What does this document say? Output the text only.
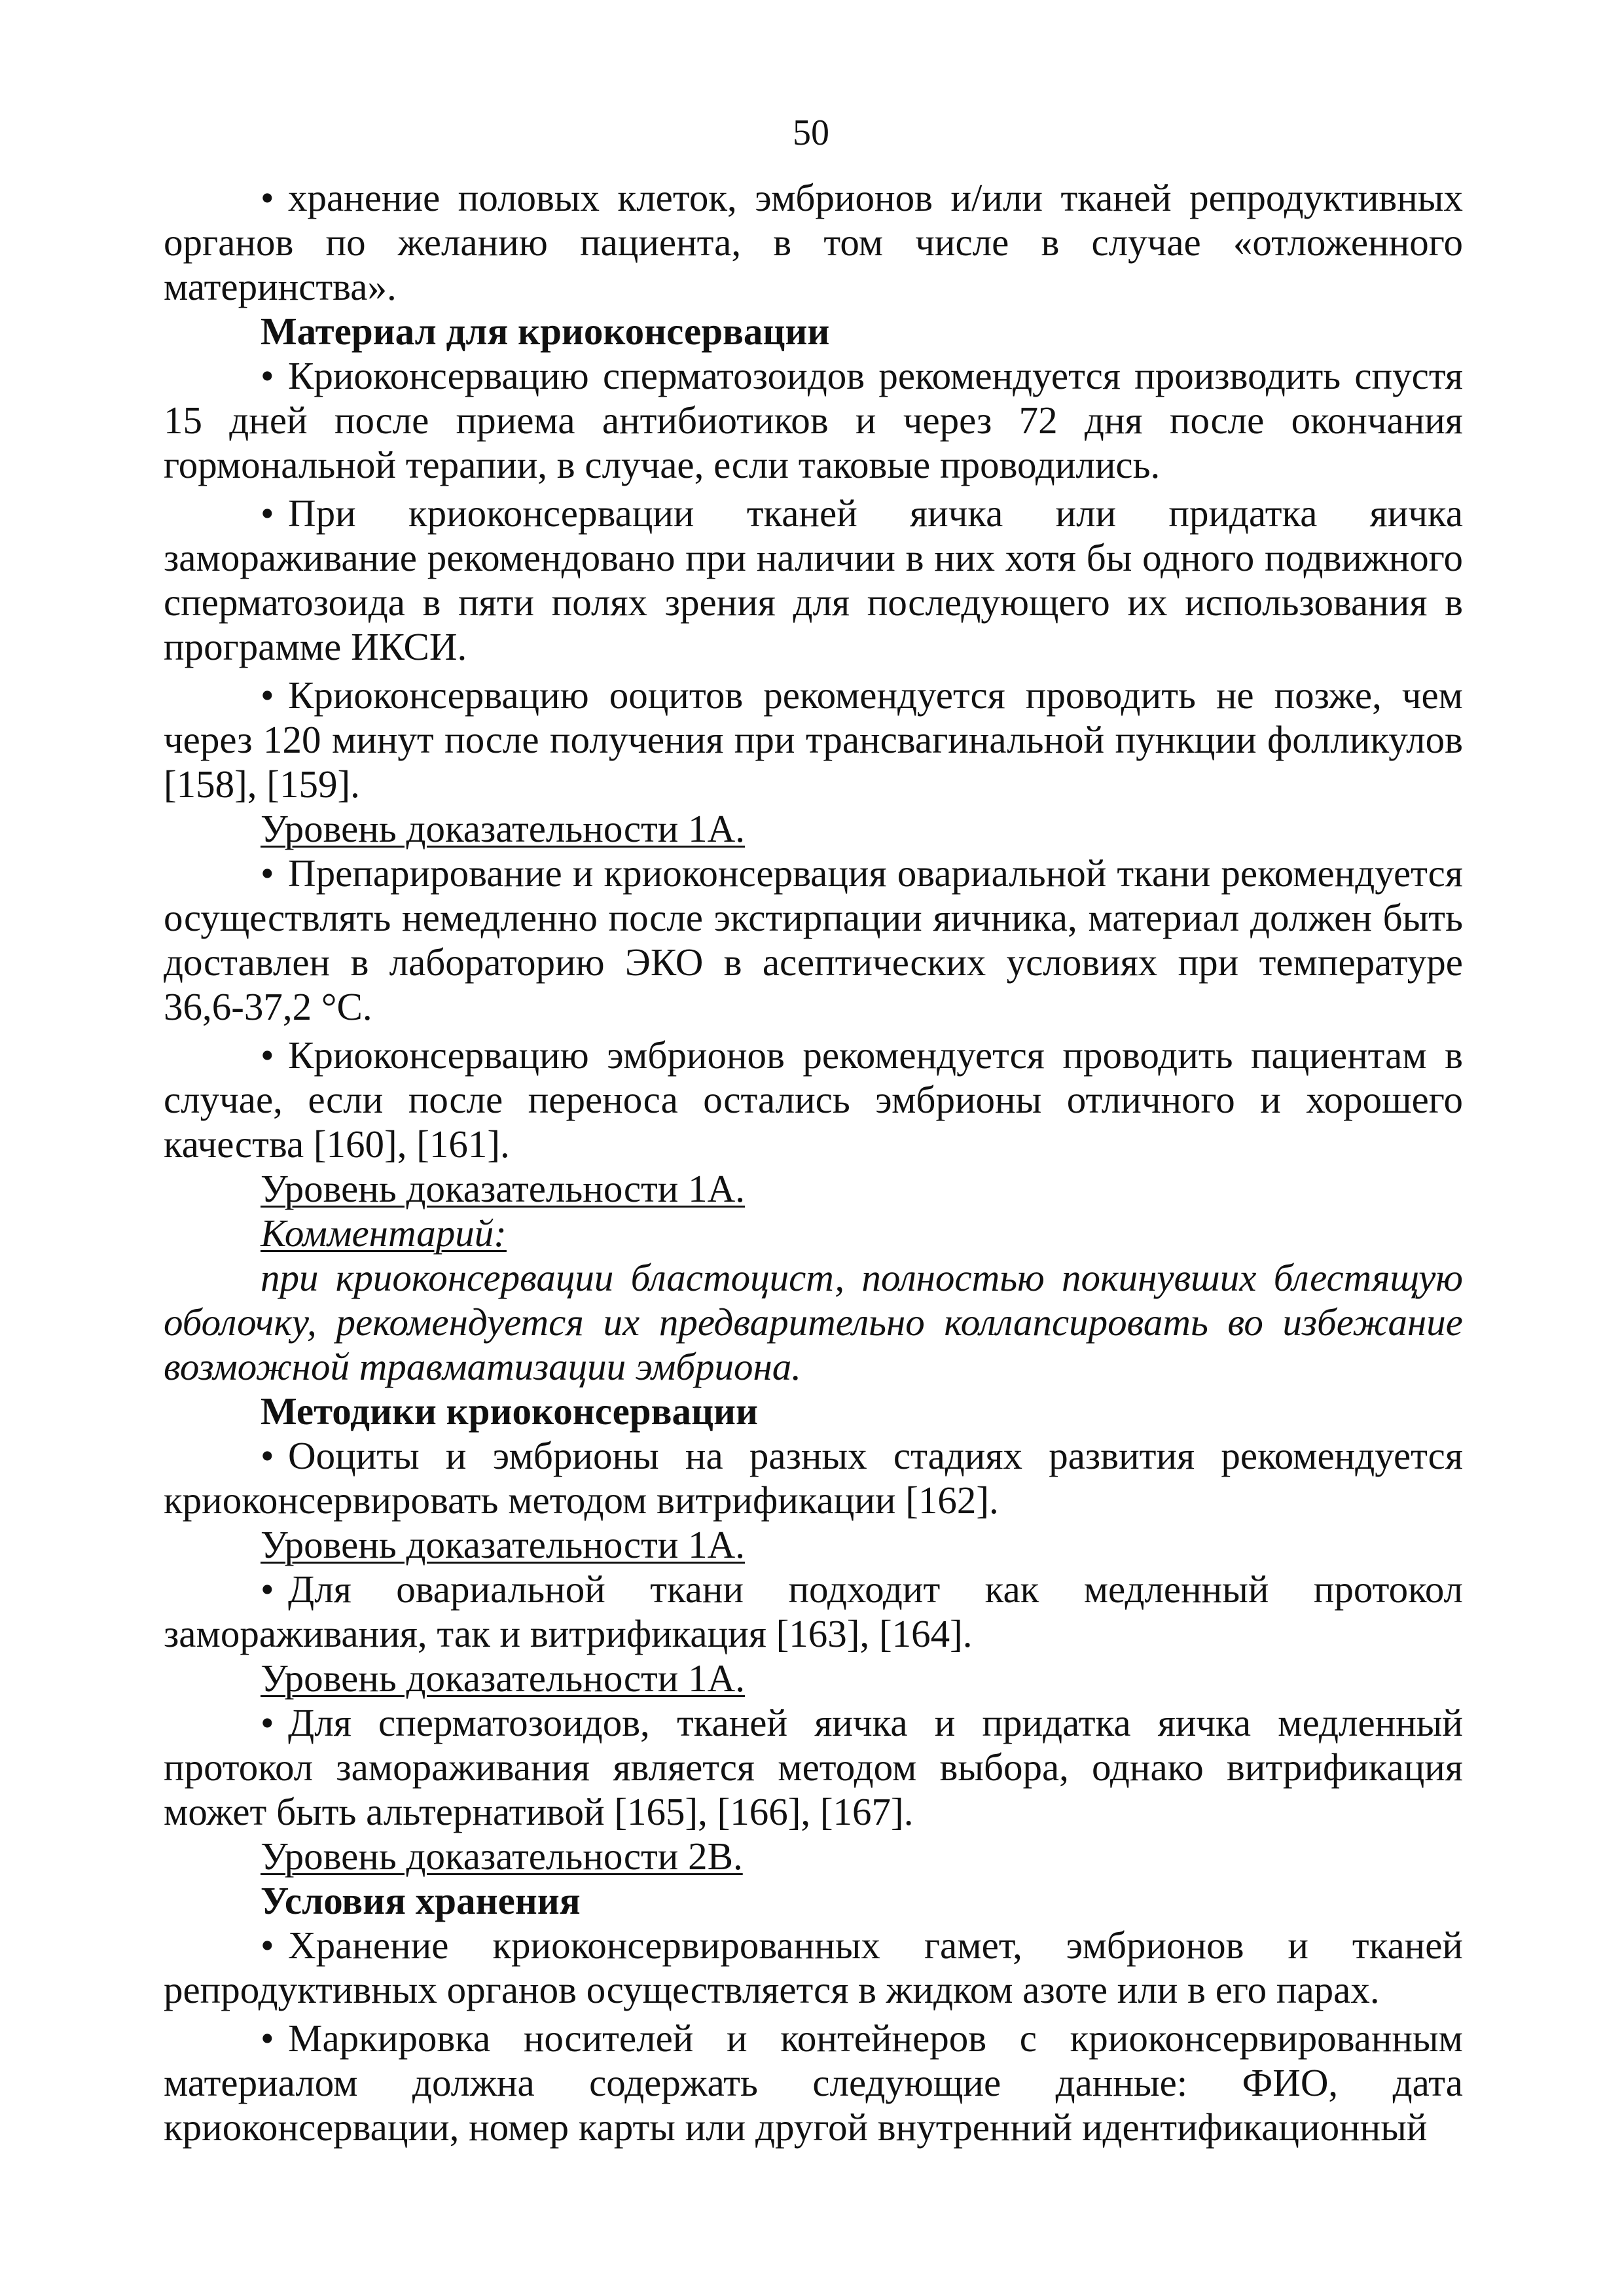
50

• хранение половых клеток, эмбрионов и/или тканей репродуктивных органов по желанию пациента, в том числе в случае «отложенного материнства».

Материал для криоконсервации

• Криоконсервацию сперматозоидов рекомендуется производить спустя 15 дней после приема антибиотиков и через 72 дня после окончания гормональной терапии, в случае, если таковые проводились.

• При криоконсервации тканей яичка или придатка яичка замораживание рекомендовано при наличии в них хотя бы одного подвижного сперматозоида в пяти полях зрения для последующего их использования в программе ИКСИ.

• Криоконсервацию ооцитов рекомендуется проводить не позже, чем через 120 минут после получения при трансвагинальной пункции фолликулов [158], [159].

Уровень доказательности 1А.

• Препарирование и криоконсервация овариальной ткани рекомендуется осуществлять немедленно после экстирпации яичника, материал должен быть доставлен в лабораторию ЭКО в асептических условиях при температуре 36,6-37,2 °С.

• Криоконсервацию эмбрионов рекомендуется проводить пациентам в случае, если после переноса остались эмбрионы отличного и хорошего качества [160], [161].

Уровень доказательности 1А.

Комментарий:

при криоконсервации бластоцист, полностью покинувших блестящую оболочку, рекомендуется их предварительно коллапсировать во избежание возможной травматизации эмбриона.

Методики криоконсервации

• Ооциты и эмбрионы на разных стадиях развития рекомендуется криоконсервировать методом витрификации [162].

Уровень доказательности 1А.

• Для овариальной ткани подходит как медленный протокол замораживания, так и витрификация [163], [164].

Уровень доказательности 1А.

• Для сперматозоидов, тканей яичка и придатка яичка медленный протокол замораживания является методом выбора, однако витрификация может быть альтернативой [165], [166], [167].

Уровень доказательности 2В.

Условия хранения

• Хранение криоконсервированных гамет, эмбрионов и тканей репродуктивных органов осуществляется в жидком азоте или в его парах.

• Маркировка носителей и контейнеров с криоконсервированным материалом должна содержать следующие данные: ФИО, дата криоконсервации, номер карты или другой внутренний идентификационный
